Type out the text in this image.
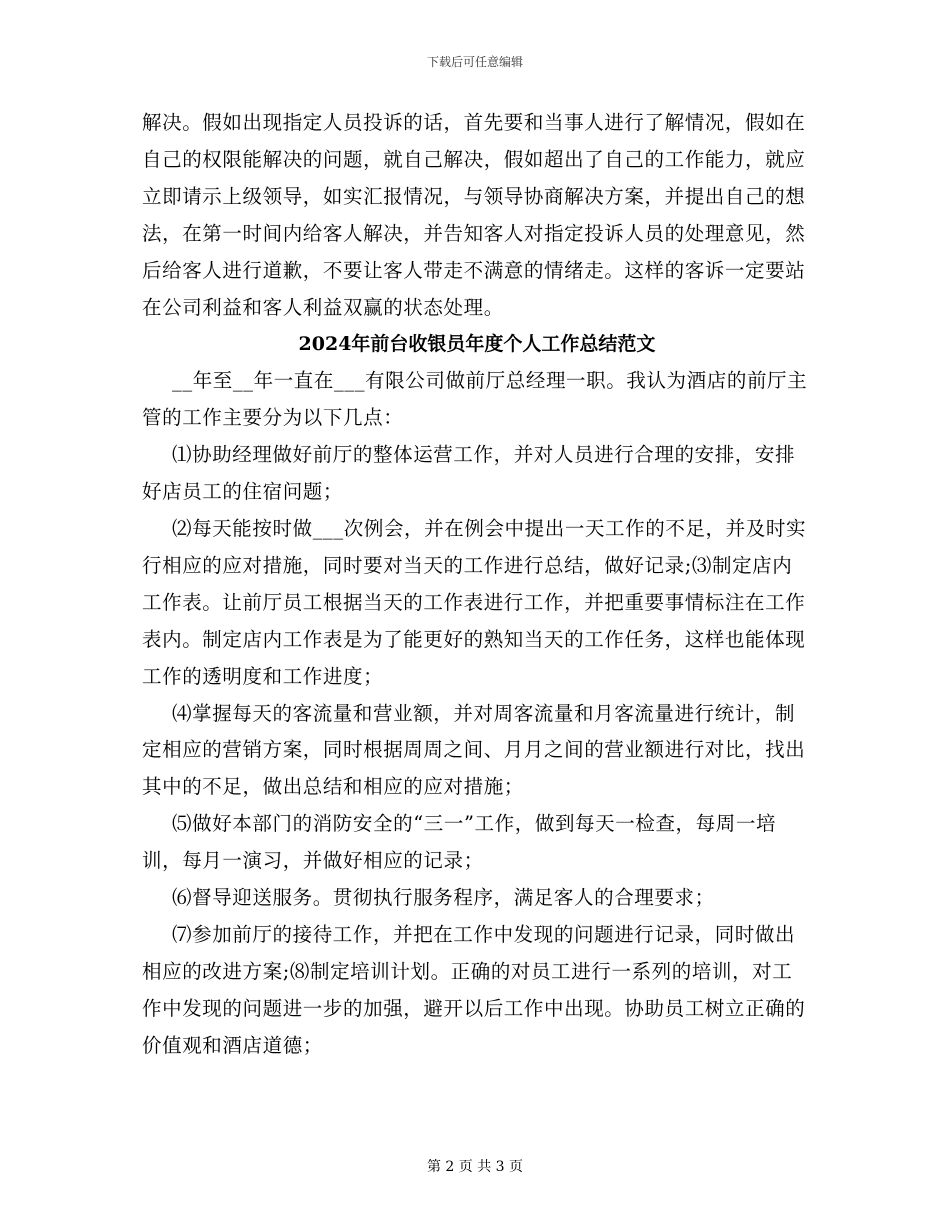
下载后可任意编辑

解决。假如出现指定人员投诉的话，首先要和当事人进行了解情况，假如在自己的权限能解决的问题，就自己解决，假如超出了自己的工作能力，就应立即请示上级领导，如实汇报情况，与领导协商解决方案，并提出自己的想法，在第一时间内给客人解决，并告知客人对指定投诉人员的处理意见，然后给客人进行道歉，不要让客人带走不满意的情绪走。这样的客诉一定要站在公司利益和客人利益双赢的状态处理。

2024年前台收银员年度个人工作总结范文

__年至__年一直在___有限公司做前厅总经理一职。我认为酒店的前厅主管的工作主要分为以下几点：

⑴协助经理做好前厅的整体运营工作，并对人员进行合理的安排，安排好店员工的住宿问题；

⑵每天能按时做___次例会，并在例会中提出一天工作的不足，并及时实行相应的应对措施，同时要对当天的工作进行总结，做好记录;⑶制定店内工作表。让前厅员工根据当天的工作表进行工作，并把重要事情标注在工作表内。制定店内工作表是为了能更好的熟知当天的工作任务，这样也能体现工作的透明度和工作进度；

⑷掌握每天的客流量和营业额，并对周客流量和月客流量进行统计，制定相应的营销方案，同时根据周周之间、月月之间的营业额进行对比，找出其中的不足，做出总结和相应的应对措施；

⑸做好本部门的消防安全的“三一”工作，做到每天一检查，每周一培训，每月一演习，并做好相应的记录；

⑹督导迎送服务。贯彻执行服务程序，满足客人的合理要求；

⑺参加前厅的接待工作，并把在工作中发现的问题进行记录，同时做出相应的改进方案;⑻制定培训计划。正确的对员工进行一系列的培训，对工作中发现的问题进一步的加强，避开以后工作中出现。协助员工树立正确的价值观和酒店道德；

第 2 页 共 3 页
